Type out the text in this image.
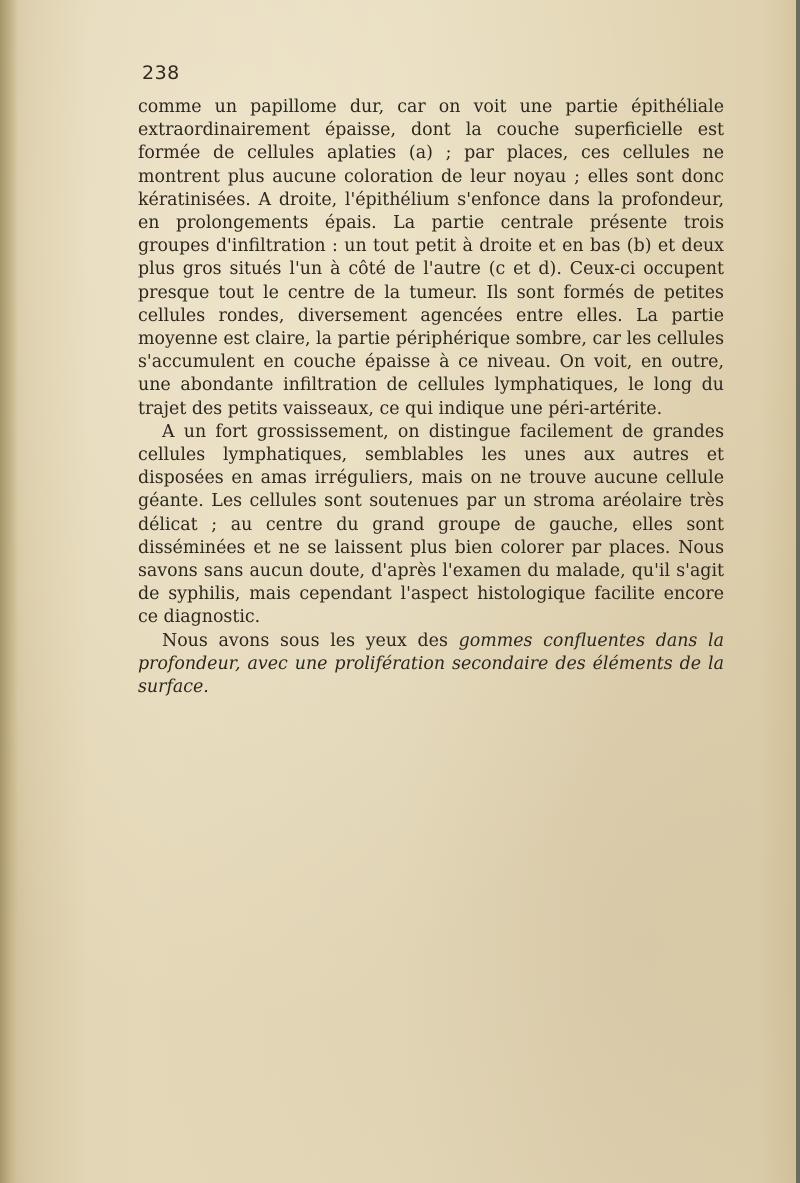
238

comme un papillome dur, car on voit une partie épithéliale extraordinairement épaisse, dont la couche superficielle est formée de cellules aplaties (a) ; par places, ces cellules ne montrent plus aucune coloration de leur noyau ; elles sont donc kératinisées. A droite, l'épithélium s'enfonce dans la profondeur, en prolongements épais. La partie centrale présente trois groupes d'infiltration : un tout petit à droite et en bas (b) et deux plus gros situés l'un à côté de l'autre (c et d). Ceux-ci occupent presque tout le centre de la tumeur. Ils sont formés de petites cellules rondes, diversement agencées entre elles. La partie moyenne est claire, la partie périphérique sombre, car les cellules s'accumulent en couche épaisse à ce niveau. On voit, en outre, une abondante infiltration de cellules lymphatiques, le long du trajet des petits vaisseaux, ce qui indique une péri-artérite.

A un fort grossissement, on distingue facilement de grandes cellules lymphatiques, semblables les unes aux autres et disposées en amas irréguliers, mais on ne trouve aucune cellule géante. Les cellules sont soutenues par un stroma aréolaire très délicat ; au centre du grand groupe de gauche, elles sont disséminées et ne se laissent plus bien colorer par places. Nous savons sans aucun doute, d'après l'examen du malade, qu'il s'agit de syphilis, mais cependant l'aspect histologique facilite encore ce diagnostic.

Nous avons sous les yeux des gommes confluentes dans la profondeur, avec une prolifération secondaire des éléments de la surface.
